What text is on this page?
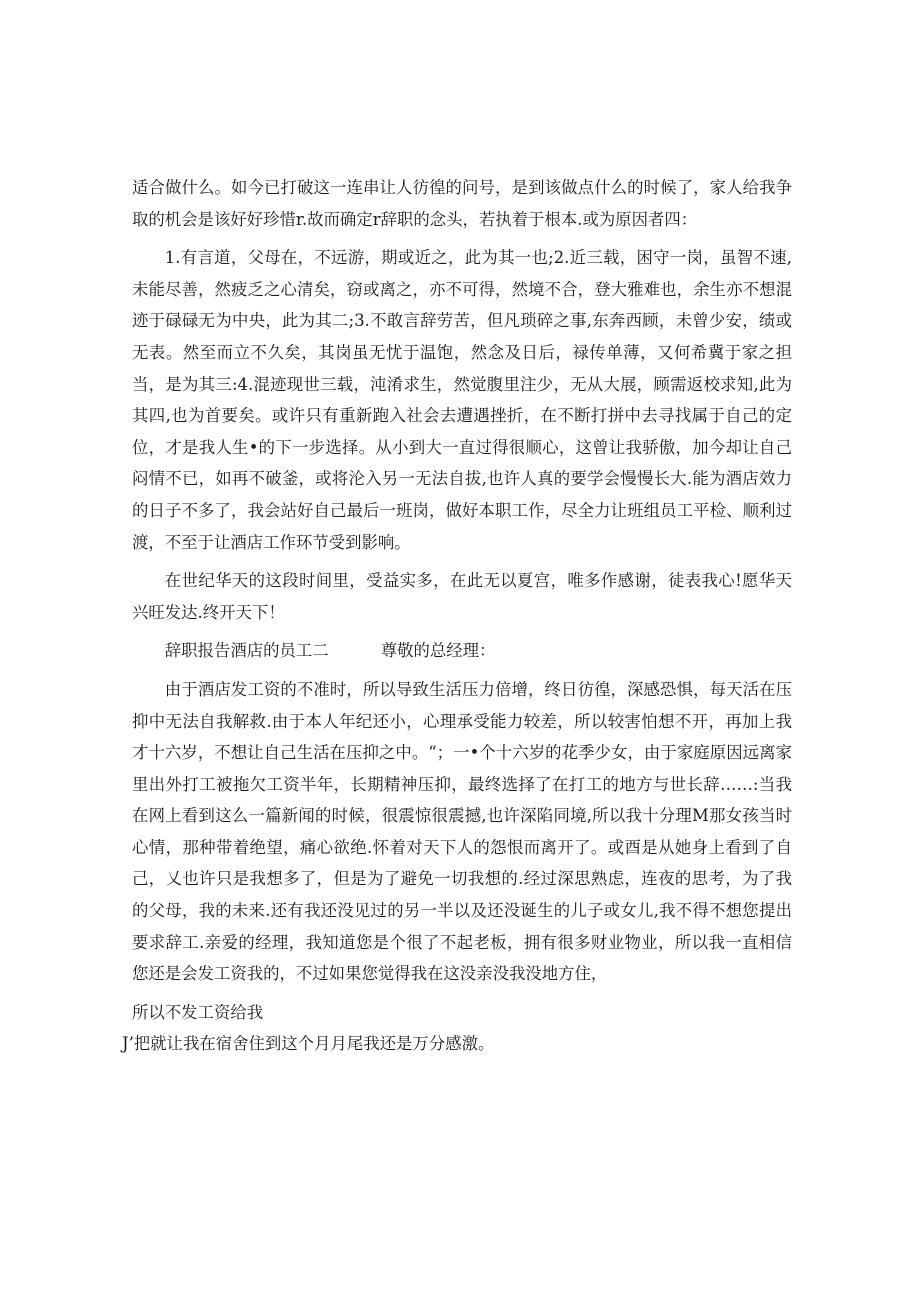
适合做什么。如今已打破这一连串让人彷徨的问号，是到该做点什么的时候了，家人给我争取的机会是该好好珍惜r.故而确定r辞职的念头，若执着于根本.或为原因者四：

1.有言道，父母在，不远游，期或近之，此为其一也;2.近三载，困守一岗，虽智不速,未能尽善，然疲乏之心清矣，窃或离之，亦不可得，然境不合，登大雅难也，余生亦不想混迹于碌碌无为中央，此为其二;3.不敢言辞劳苦，但凡琐碎之事,东奔西顾，未曾少安，绩或无表。然至而立不久矣，其岗虽无忧于温饱，然念及日后，禄传单薄，又何希冀于家之担当，是为其三:4.混迹现世三载，沌淆求生，然觉腹里注少，无从大展，顾需返校求知,此为其四,也为首要矣。或许只有重新跑入社会去遭遇挫折，在不断打拼中去寻找属于自己的定位，才是我人生•的下一步选择。从小到大一直过得很顺心，这曾让我骄傲，加今却让自己闷情不已，如再不破釜，或将沦入另一无法自拔,也许人真的要学会慢慢长大.能为酒店效力的日子不多了，我会站好自己最后一班岗，做好本职工作，尽全力让班组员工平检、顺利过渡，不至于让酒店工作环节受到影响。

在世纪华天的这段时间里，受益实多，在此无以夏宫，唯多作感谢，徒表我心!愿华天兴旺发达.终开天下！

辞职报告酒店的员工二	尊敬的总经理：

由于酒店发工资的不准时，所以导致生活压力倍增，终日彷徨，深感恐惧，每天活在压抑中无法自我解救.由于本人年纪还小，心理承受能力较差，所以较害怕想不开，再加上我才十六岁，不想让自己生活在压抑之中。“；一•个十六岁的花季少女，由于家庭原因远离家里出外打工被拖欠工资半年，长期精神压抑，最终选择了在打工的地方与世长辞……:当我在网上看到这么一篇新闻的时候，很震惊很震撼,也许深陷同境,所以我十分理M那女孩当时心情，那种带着绝望，痛心欲绝.怀着对天下人的怨恨而离开了。或酉是从她身上看到了自己，乂也许只是我想多了，但是为了避免一切我想的.经过深思熟虑，连夜的思考，为了我的父母，我的未来.还有我还没见过的另一半以及还没诞生的儿子或女儿,我不得不想您提出要求辞工.亲爱的经理，我知道您是个很了不起老板，拥有很多财业物业，所以我一直相信您还是会发工资我的，不过如果您觉得我在这没亲没我没地方住，

所以不发工资给我

J’把就让我在宿舍住到这个月月尾我还是万分感激。
